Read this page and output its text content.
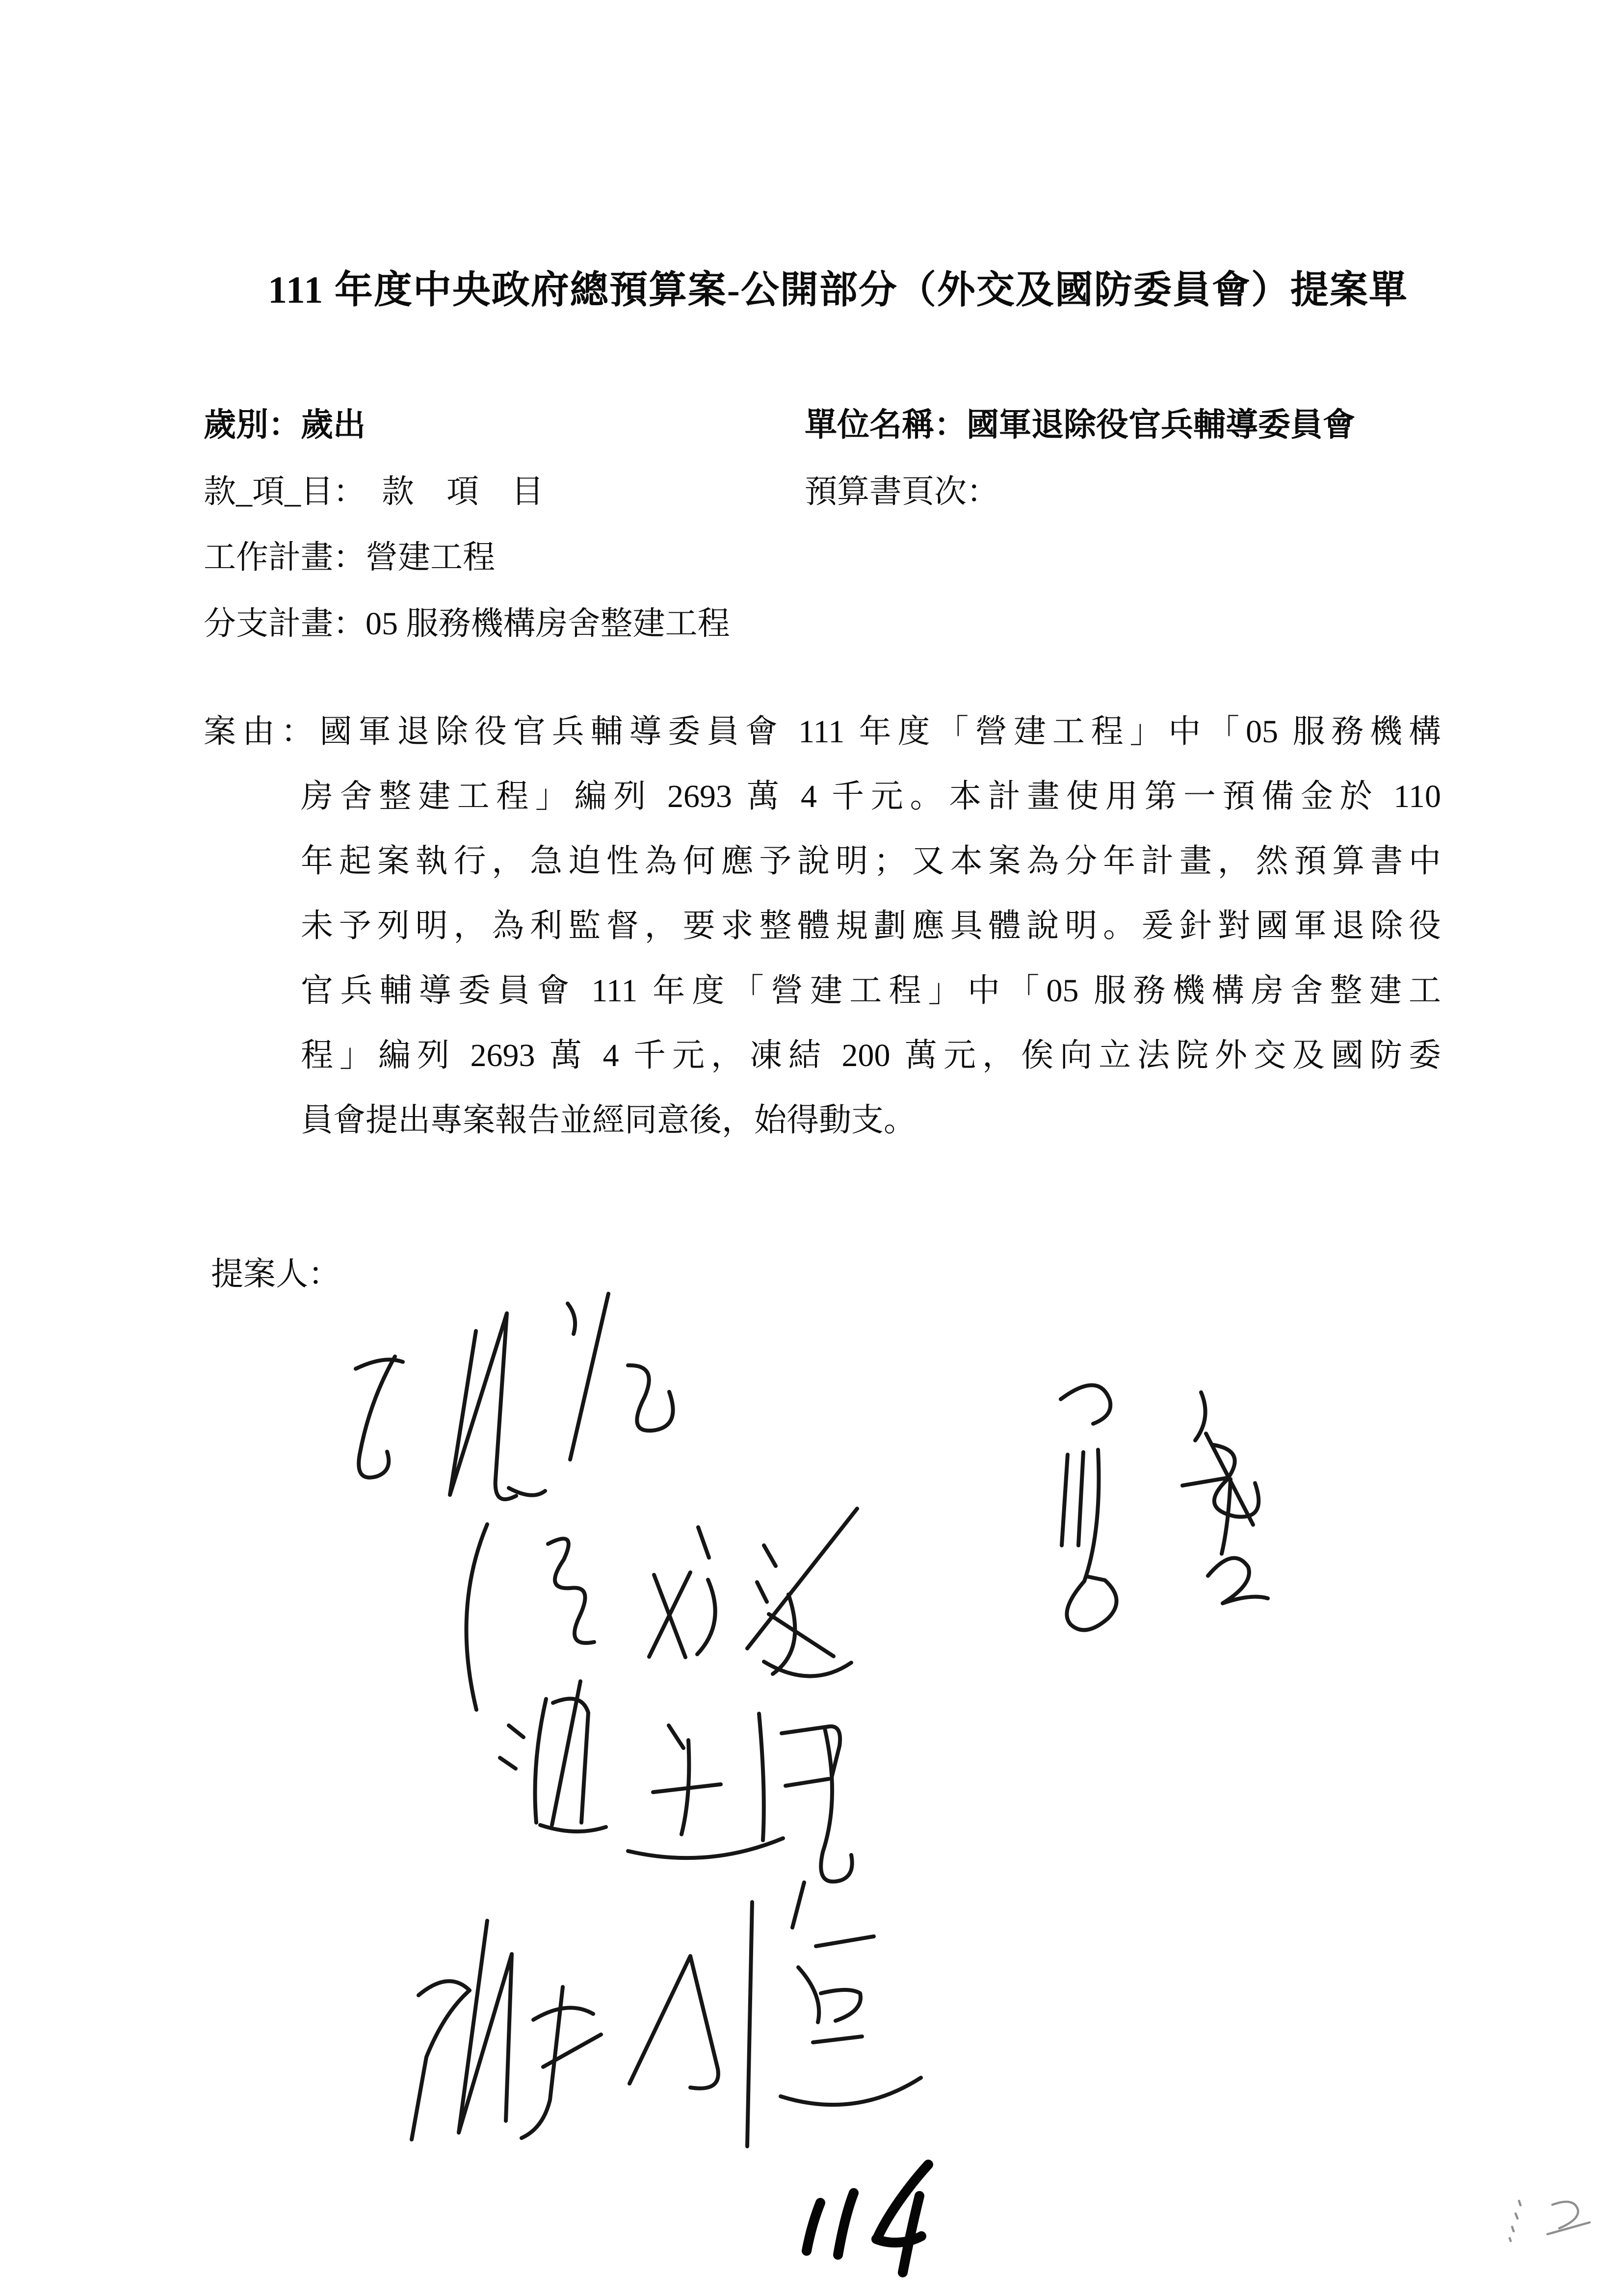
111 年度中央政府總預算案-公開部分（外交及國防委員會）提案單
歲別：歲出	單位名稱：國軍退除役官兵輔導委員會
款_項_目：　款　項　目	預算書頁次：
工作計畫：營建工程
分支計畫：05 服務機構房舍整建工程
案由：國軍退除役官兵輔導委員會 111 年度「營建工程」中「05 服務機構
房舍整建工程」編列 2693 萬 4 千元。本計畫使用第一預備金於 110
年起案執行，急迫性為何應予說明；又本案為分年計畫，然預算書中
未予列明，為利監督，要求整體規劃應具體說明。爰針對國軍退除役
官兵輔導委員會 111 年度「營建工程」中「05 服務機構房舍整建工
程」編列 2693 萬 4 千元，凍結 200 萬元，俟向立法院外交及國防委
員會提出專案報告並經同意後，始得動支。
提案人：
